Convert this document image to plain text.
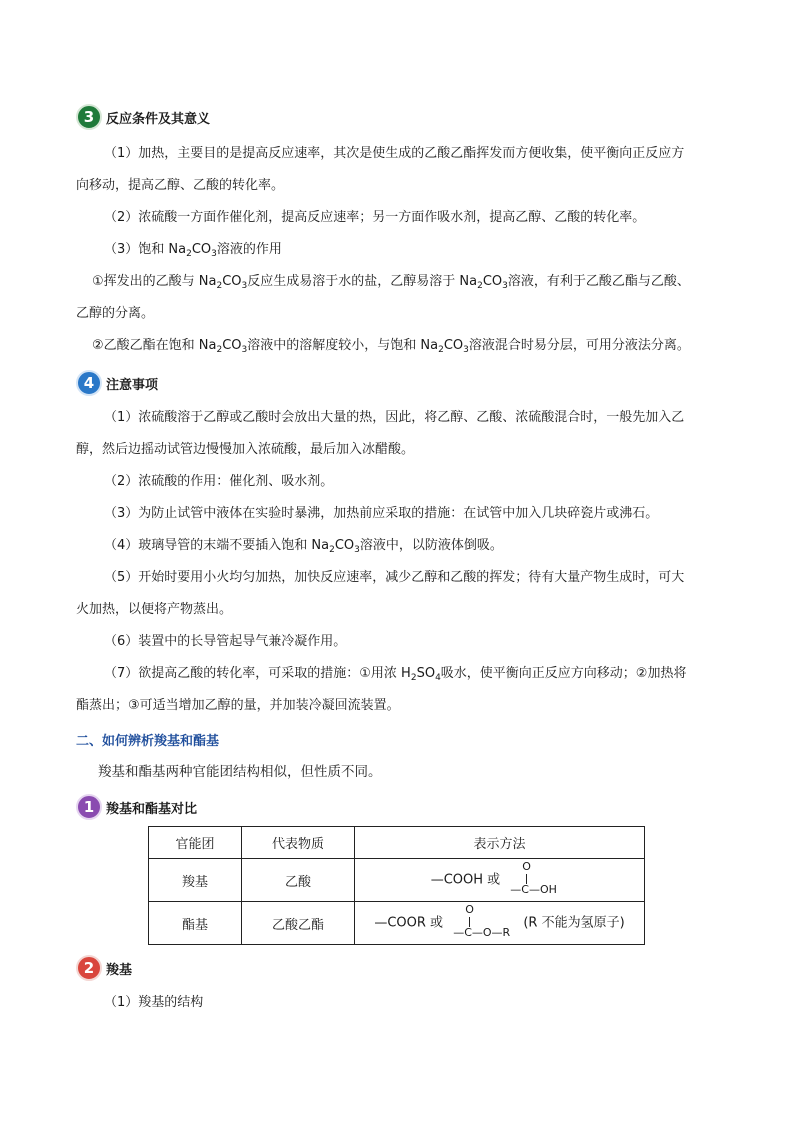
3 反应条件及其意义
（1）加热，主要目的是提高反应速率，其次是使生成的乙酸乙酯挥发而方便收集，使平衡向正反应方
向移动，提高乙醇、乙酸的转化率。
（2）浓硫酸一方面作催化剂，提高反应速率；另一方面作吸水剂，提高乙醇、乙酸的转化率。
（3）饱和 $Na_2CO_3$溶液的作用
①挥发出的乙酸与 $Na_2CO_3$反应生成易溶于水的盐，乙醇易溶于 $Na_2CO_3$溶液，有利于乙酸乙酯与乙酸、
乙醇的分离。
②乙酸乙酯在饱和 $Na_2CO_3$溶液中的溶解度较小，与饱和 $Na_2CO_3$溶液混合时易分层，可用分液法分离。
4 注意事项
（1）浓硫酸溶于乙醇或乙酸时会放出大量的热，因此，将乙醇、乙酸、浓硫酸混合时，一般先加入乙
醇，然后边摇动试管边慢慢加入浓硫酸，最后加入冰醋酸。
（2）浓硫酸的作用：催化剂、吸水剂。
（3）为防止试管中液体在实验时暴沸，加热前应采取的措施：在试管中加入几块碎瓷片或沸石。
（4）玻璃导管的末端不要插入饱和 $Na_2CO_3$溶液中，以防液体倒吸。
（5）开始时要用小火均匀加热，加快反应速率，减少乙醇和乙酸的挥发；待有大量产物生成时，可大
火加热，以便将产物蒸出。
（6）装置中的长导管起导气兼冷凝作用。
（7）欲提高乙酸的转化率，可采取的措施：①用浓 $H_2SO_4$吸水，使平衡向正反应方向移动；②加热将
酯蒸出；③可适当增加乙醇的量，并加装冷凝回流装置。
二、如何辨析羧基和酯基
羧基和酯基两种官能团结构相似，但性质不同。
1 羧基和酯基对比
官能团	代表物质	表示方法
羧基	乙酸	—COOH 或
O
—C—OH

酯基	乙酸乙酯	—COOR 或
O
—C—O—R
(R 不能为氢原子)
2 羧基
（1）羧基的结构
